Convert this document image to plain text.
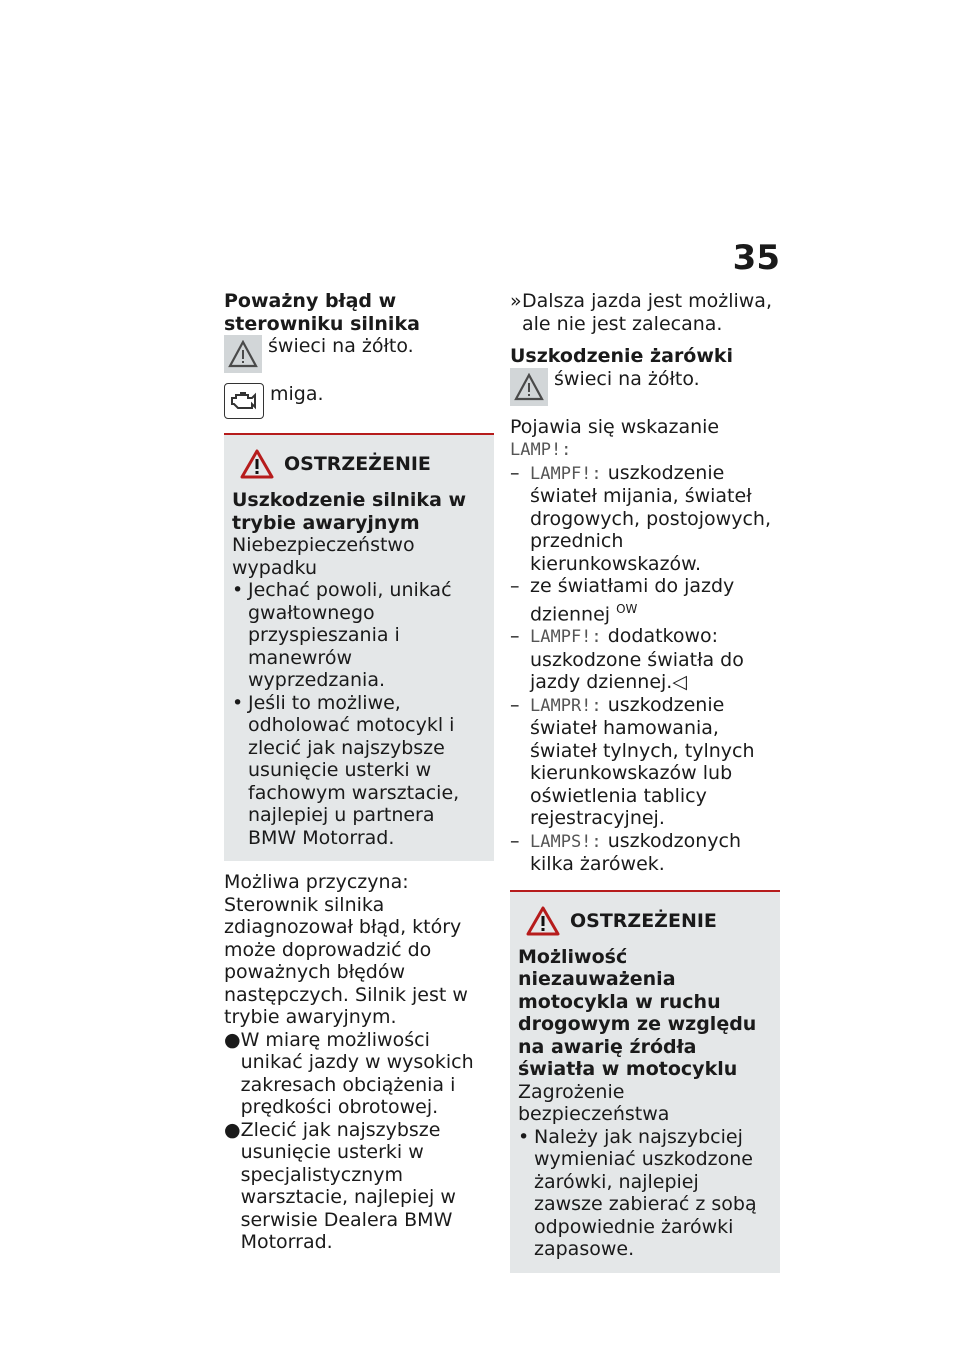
35
Poważny błąd w sterowniku silnika
świeci na żółto.
miga.
OSTRZEŻENIE
Uszkodzenie silnika w trybie awaryjnym

Niebezpieczeństwo wypadku

• Jechać powoli, unikać gwałtownego przyspieszania i manewrów wyprzedzania.
• Jeśli to możliwe, odholować motocykl i zlecić jak najszybsze usunięcie usterki w fachowym warsztacie, najlepiej u partnera BMW Motorrad.

Możliwa przyczyna:

Sterownik silnika zdiagnozował błąd, który może doprowadzić do poważnych błędów następczych. Silnik jest w trybie awaryjnym.

● W miarę możliwości unikać jazdy w wysokich zakresach obciążenia i prędkości obrotowej.
● Zlecić jak najszybsze usunięcie usterki w specjalistycznym warsztacie, najlepiej w serwisie Dealera BMW Motorrad.
» Dalsza jazda jest możliwa, ale nie jest zalecana.
Uszkodzenie żarówki
świeci na żółto.

Pojawia się wskazanie LAMP!:

– LAMPF!: uszkodzenie świateł mijania, świateł drogowych, postojowych, przednich kierunkowskazów.
– ze światłami do jazdy dziennej $^{OW}$
– LAMPF!: dodatkowo: uszkodzone światła do jazdy dziennej.◁
– LAMPR!: uszkodzenie świateł hamowania, świateł tylnych, tylnych kierunkowskazów lub oświetlenia tablicy rejestracyjnej.
– LAMPS!: uszkodzonych kilka żarówek.
OSTRZEŻENIE
Możliwość niezauważenia motocykla w ruchu drogowym ze względu na awarię źródła światła w motocyklu

Zagrożenie bezpieczeństwa

• Należy jak najszybciej wymieniać uszkodzone żarówki, najlepiej zawsze zabierać z sobą odpowiednie żarówki zapasowe.
